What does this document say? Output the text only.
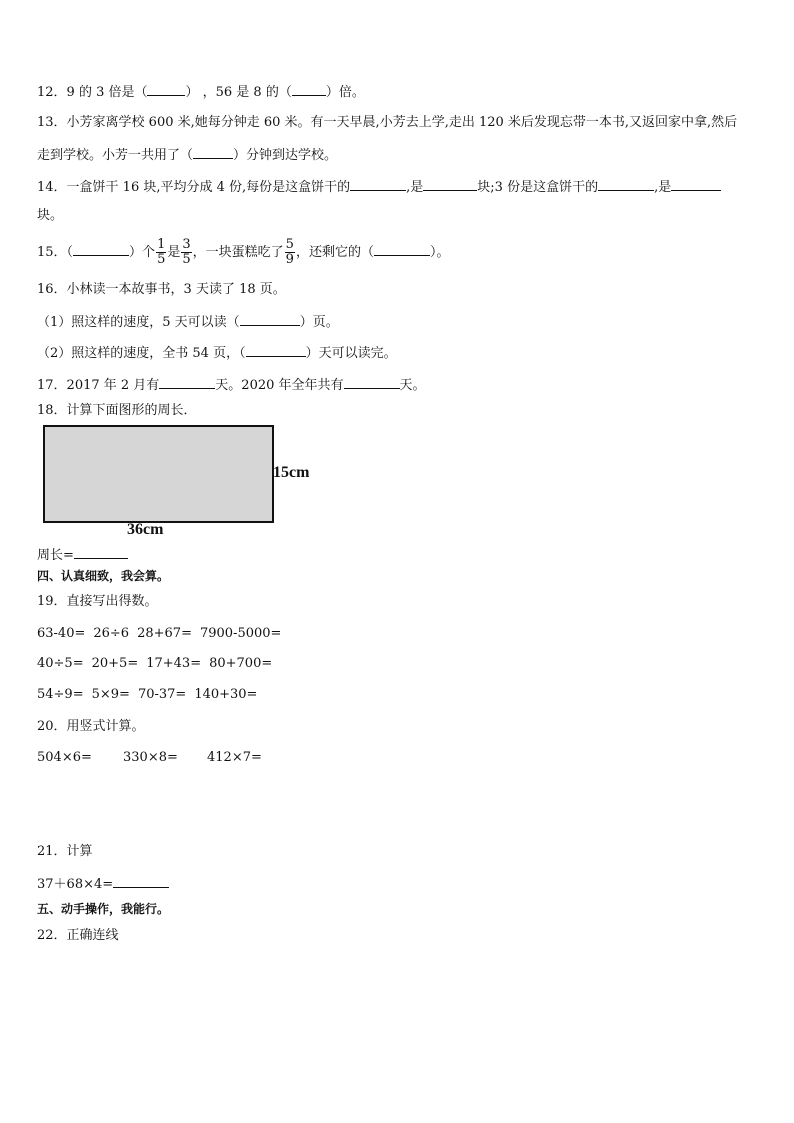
12．9 的 3 倍是（	） ，56 是 8 的（	）倍。
13．小芳家离学校 600 米,她每分钟走 60 米。有一天早晨,小芳去上学,走出 120 米后发现忘带一本书,又返回家中拿,然后
走到学校。小芳一共用了（	）分钟到达学校。
14．一盒饼干 16 块,平均分成 4 份,每份是这盒饼干的	,是	块;3 份是这盒饼干的	,是
块。
15．（	）个 $\frac{1}{5}$ 是 $\frac{3}{5}$ ，一块蛋糕吃了 $\frac{5}{9}$ ，还剩它的（	）。
16．小林读一本故事书，3 天读了 18 页。
（1）照这样的速度，5 天可以读（	）页。
（2）照这样的速度，全书 54 页，（	）天可以读完。
17．2017 年 2 月有	天。2020 年全年共有	天。
18．计算下面图形的周长．
15cm
36cm
周长=
四、认真细致，我会算。
19．直接写出得数。
63-40= 26÷6 28+67= 7900-5000=
40÷5= 20+5= 17+43= 80+700=
54÷9= 5×9= 70-37= 140+30=
20．用竖式计算。
504×6= 330×8= 412×7=
21．计算
37＋68×4=
五、动手操作，我能行。
22．正确连线
